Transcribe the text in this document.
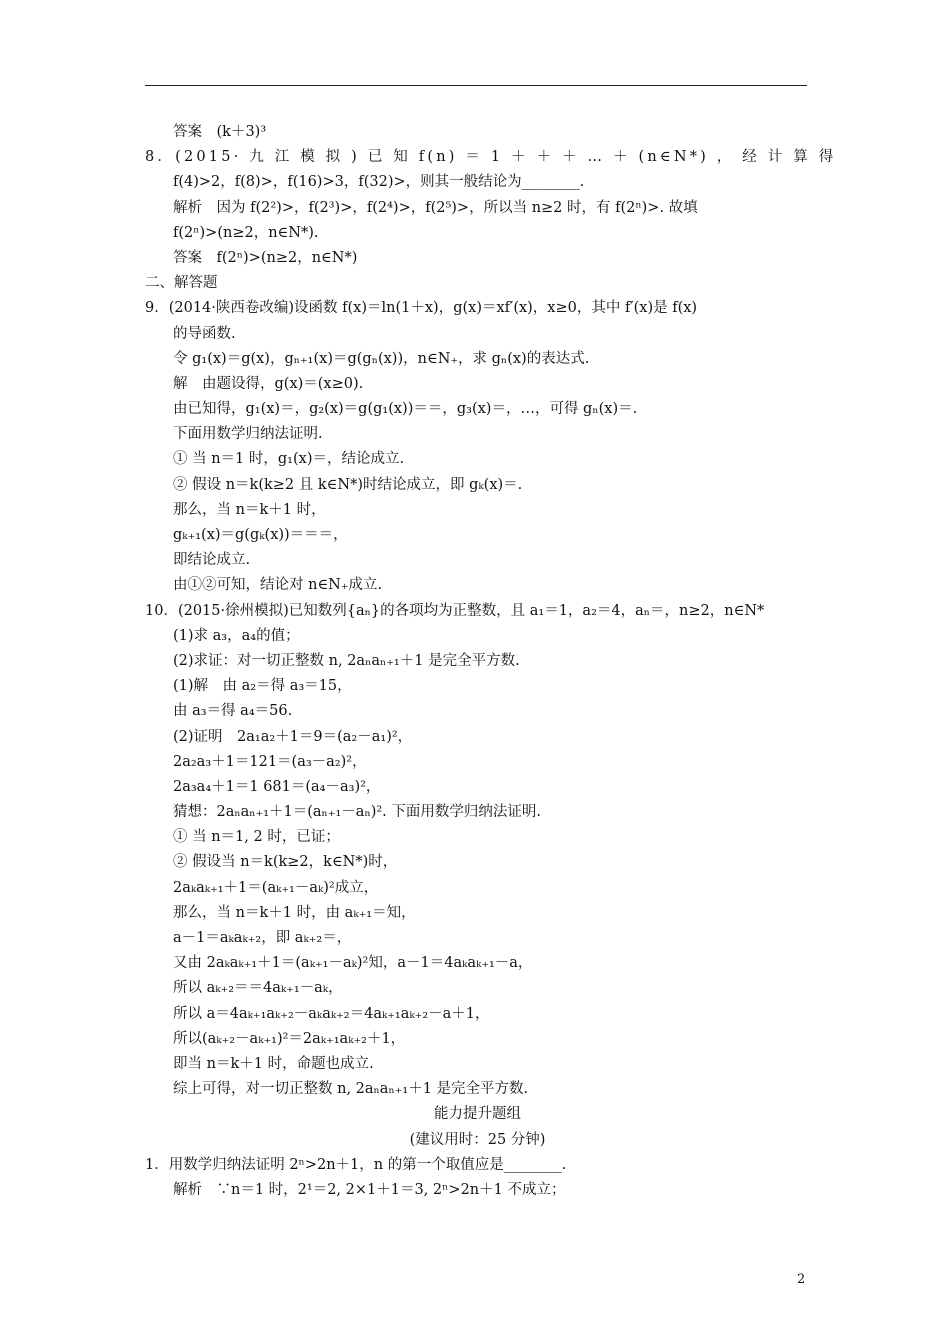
答案　(k＋3)³
8．(2015· 九 江 模 拟 ) 已 知 f(n) ＝ 1 ＋ ＋ ＋ … ＋ (n∈N*) ， 经 计 算 得
f(4)>2，f(8)>，f(16)>3，f(32)>，则其一般结论为________.
解析　因为 f(2²)>，f(2³)>，f(2⁴)>，f(2⁵)>，所以当 n≥2 时，有 f(2ⁿ)>. 故填
f(2ⁿ)>(n≥2，n∈N*).
答案　f(2ⁿ)>(n≥2，n∈N*)
二、解答题
9．(2014·陕西卷改编)设函数 f(x)＝ln(1＋x)，g(x)＝xf′(x)，x≥0，其中 f′(x)是 f(x)
的导函数.
令 g₁(x)＝g(x)，gₙ₊₁(x)＝g(gₙ(x))，n∈N₊，求 gₙ(x)的表达式.
解　由题设得，g(x)＝(x≥0).
由已知得，g₁(x)＝，g₂(x)＝g(g₁(x))＝＝，g₃(x)＝，…，可得 gₙ(x)＝.
下面用数学归纳法证明.
① 当 n＝1 时，g₁(x)＝，结论成立.
② 假设 n＝k(k≥2 且 k∈N*)时结论成立，即 gₖ(x)＝.
那么，当 n＝k＋1 时，
gₖ₊₁(x)＝g(gₖ(x))＝＝＝，
即结论成立.
由①②可知，结论对 n∈N₊成立.
10．(2015·徐州模拟)已知数列{aₙ}的各项均为正整数，且 a₁＝1，a₂＝4，aₙ＝，n≥2，n∈N*
(1)求 a₃，a₄的值；
(2)求证：对一切正整数 n, 2aₙaₙ₊₁＋1 是完全平方数.
(1)解　由 a₂＝得 a₃＝15，
由 a₃＝得 a₄＝56.
(2)证明　2a₁a₂＋1＝9＝(a₂－a₁)²，
2a₂a₃＋1＝121＝(a₃－a₂)²，
2a₃a₄＋1＝1 681＝(a₄－a₃)²，
猜想：2aₙaₙ₊₁＋1＝(aₙ₊₁－aₙ)². 下面用数学归纳法证明.
① 当 n＝1, 2 时，已证；
② 假设当 n＝k(k≥2，k∈N*)时，
2aₖaₖ₊₁＋1＝(aₖ₊₁－aₖ)²成立，
那么，当 n＝k＋1 时，由 aₖ₊₁＝知，
a－1＝aₖaₖ₊₂，即 aₖ₊₂＝，
又由 2aₖaₖ₊₁＋1＝(aₖ₊₁－aₖ)²知，a－1＝4aₖaₖ₊₁－a，
所以 aₖ₊₂＝＝4aₖ₊₁－aₖ，
所以 a＝4aₖ₊₁aₖ₊₂－aₖaₖ₊₂＝4aₖ₊₁aₖ₊₂－a＋1，
所以(aₖ₊₂－aₖ₊₁)²＝2aₖ₊₁aₖ₊₂＋1，
即当 n＝k＋1 时，命题也成立.
综上可得，对一切正整数 n, 2aₙaₙ₊₁＋1 是完全平方数.
能力提升题组
(建议用时：25 分钟)
1．用数学归纳法证明 2ⁿ>2n＋1，n 的第一个取值应是________.
解析　∵n＝1 时，2¹＝2, 2×1＋1＝3, 2ⁿ>2n＋1 不成立；
2
